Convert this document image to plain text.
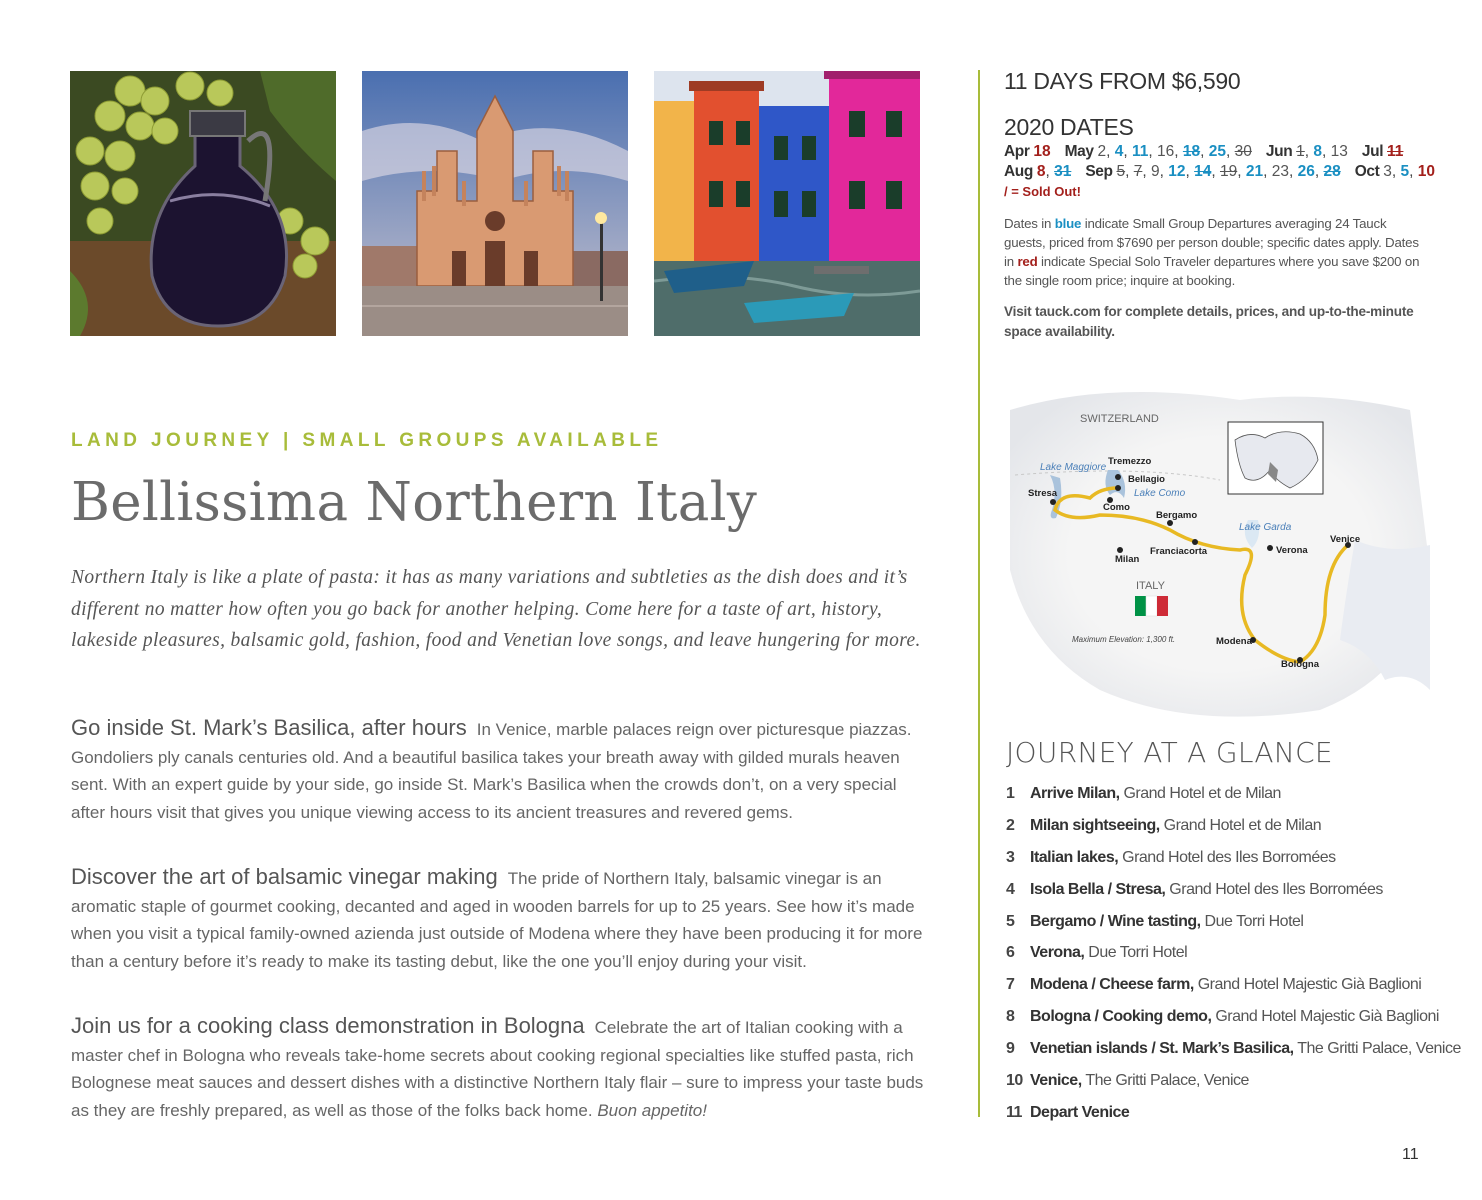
LAND JOURNEY | SMALL GROUPS AVAILABLE
Bellissima Northern Italy
Northern Italy is like a plate of pasta: it has as many variations and subtleties as the dish does and it’s different no matter how often you go back for another helping. Come here for a taste of art, history, lakeside pleasures, balsamic gold, fashion, food and Venetian love songs, and leave hungering for more.
Go inside St. Mark’s Basilica, after hours In Venice, marble palaces reign over picturesque piazzas. Gondoliers ply canals centuries old. And a beautiful basilica takes your breath away with gilded murals heaven sent. With an expert guide by your side, go inside St. Mark’s Basilica when the crowds don’t, on a very special after hours visit that gives you unique viewing access to its ancient treasures and revered gems.
Discover the art of balsamic vinegar making The pride of Northern Italy, balsamic vinegar is an aromatic staple of gourmet cooking, decanted and aged in wooden barrels for up to 25 years. See how it’s made when you visit a typical family-owned azienda just outside of Modena where they have been producing it for more than a century before it’s ready to make its tasting debut, like the one you’ll enjoy during your visit.
Join us for a cooking class demonstration in Bologna Celebrate the art of Italian cooking with a master chef in Bologna who reveals take-home secrets about cooking regional specialties like stuffed pasta, rich Bolognese meat sauces and dessert dishes with a distinctive Northern Italy flair – sure to impress your taste buds as they are freshly prepared, as well as those of the folks back home. Buon appetito!
11 DAYS FROM $6,590
2020 DATES
Apr 18 May 2, 4, 11, 16, 18, 25, 30 Jun 1, 8, 13 Jul 11
Aug 8, 31 Sep 5, 7, 9, 12, 14, 19, 21, 23, 26, 28 Oct 3, 5, 10
/ = Sold Out!
Dates in blue indicate Small Group Departures averaging 24 Tauck guests, priced from $7690 per person double; specific dates apply. Dates in red indicate Special Solo Traveler departures where you save $200 on the single room price; inquire at booking.
Visit tauck.com for complete details, prices, and up-to-the-minute space availability.
SWITZERLAND
ITALY
Lake Maggiore
Lake Como
Lake Garda
Tremezzo
Bellagio
Stresa
Como
Bergamo
Franciacorta
Milan
Verona
Venice
Modena
Bologna
Maximum Elevation: 1,300 ft.
JOURNEY AT A GLANCE
1 Arrive Milan, Grand Hotel et de Milan
2 Milan sightseeing, Grand Hotel et de Milan
3 Italian lakes, Grand Hotel des Iles Borromées
4 Isola Bella / Stresa, Grand Hotel des Iles Borromées
5 Bergamo / Wine tasting, Due Torri Hotel
6 Verona, Due Torri Hotel
7 Modena / Cheese farm, Grand Hotel Majestic Già Baglioni
8 Bologna / Cooking demo, Grand Hotel Majestic Già Baglioni
9 Venetian islands / St. Mark’s Basilica, The Gritti Palace, Venice
10 Venice, The Gritti Palace, Venice
11 Depart Venice
11
